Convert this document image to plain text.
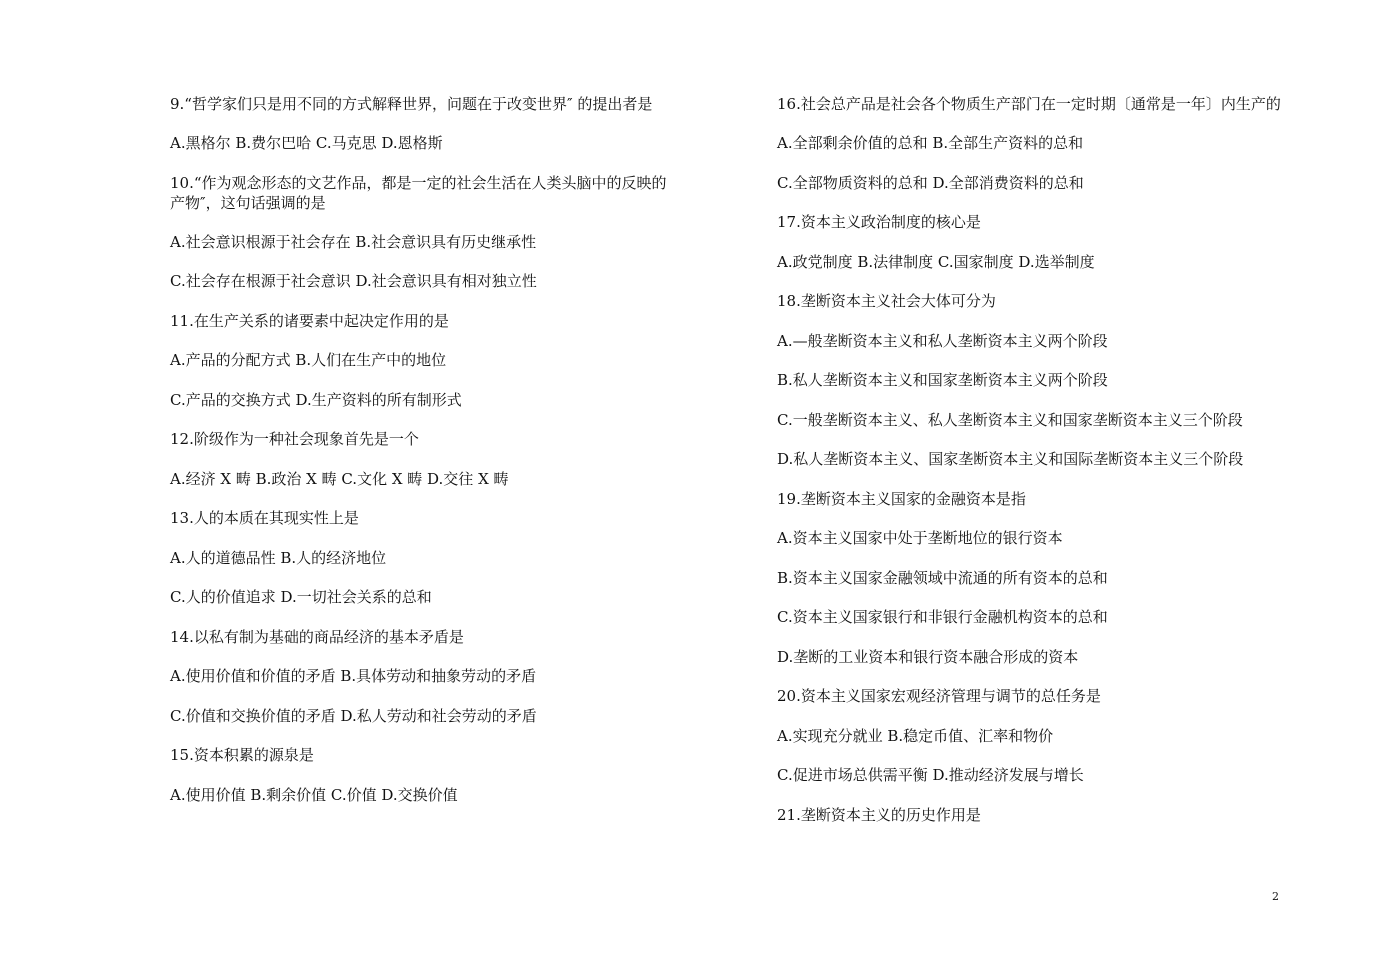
9.“哲学家们只是用不同的方式解释世界，问题在于改变世界″ 的提出者是

A.黑格尔 B.费尔巴哈 C.马克思 D.恩格斯

10.“作为观念形态的文艺作品，都是一定的社会生活在人类头脑中的反映的产物″，这句话强调的是

A.社会意识根源于社会存在 B.社会意识具有历史继承性

C.社会存在根源于社会意识 D.社会意识具有相对独立性

11.在生产关系的诸要素中起决定作用的是

A.产品的分配方式 B.人们在生产中的地位

C.产品的交换方式 D.生产资料的所有制形式

12.阶级作为一种社会现象首先是一个

A.经济 X 畴 B.政治 X 畴 C.文化 X 畴 D.交往 X 畴

13.人的本质在其现实性上是

A.人的道德品性 B.人的经济地位

C.人的价值追求 D.一切社会关系的总和

14.以私有制为基础的商品经济的基本矛盾是

A.使用价值和价值的矛盾 B.具体劳动和抽象劳动的矛盾

C.价值和交换价值的矛盾 D.私人劳动和社会劳动的矛盾

15.资本积累的源泉是

A.使用价值 B.剩余价值 C.价值 D.交换价值

16.社会总产品是社会各个物质生产部门在一定时期〔通常是一年〕内生产的

A.全部剩余价值的总和 B.全部生产资料的总和

C.全部物质资料的总和 D.全部消费资料的总和

17.资本主义政治制度的核心是

A.政党制度 B.法律制度 C.国家制度 D.选举制度

18.垄断资本主义社会大体可分为

A.—般垄断资本主义和私人垄断资本主义两个阶段

B.私人垄断资本主义和国家垄断资本主义两个阶段

C.一般垄断资本主义、私人垄断资本主义和国家垄断资本主义三个阶段

D.私人垄断资本主义、国家垄断资本主义和国际垄断资本主义三个阶段

19.垄断资本主义国家的金融资本是指

A.资本主义国家中处于垄断地位的银行资本

B.资本主义国家金融领域中流通的所有资本的总和

C.资本主义国家银行和非银行金融机构资本的总和

D.垄断的工业资本和银行资本融合形成的资本

20.资本主义国家宏观经济管理与调节的总任务是

A.实现充分就业 B.稳定币值、汇率和物价

C.促进市场总供需平衡 D.推动经济发展与增长

21.垄断资本主义的历史作用是

2
